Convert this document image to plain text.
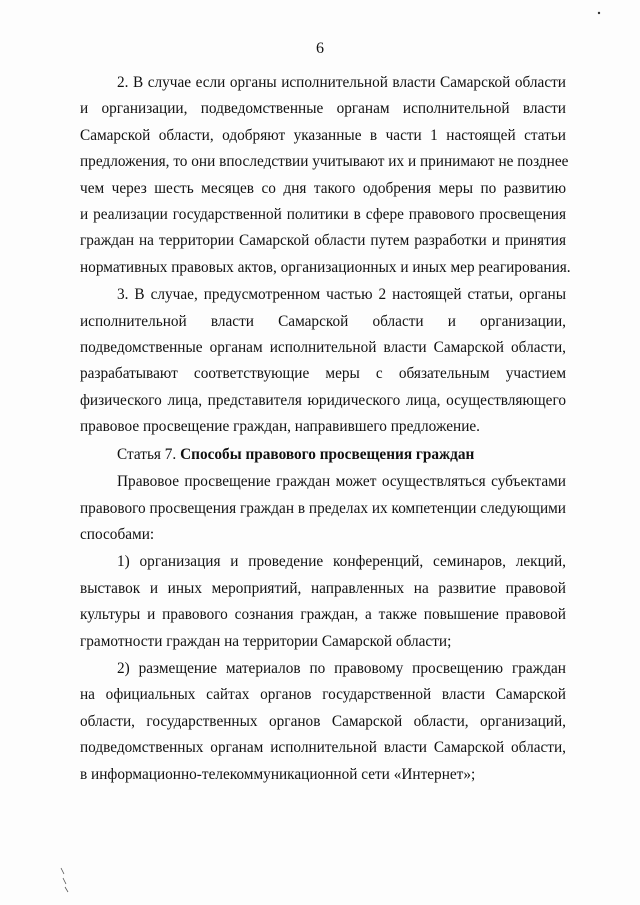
6
2. В случае если органы исполнительной власти Самарской области
и организации, подведомственные органам исполнительной власти
Самарской области, одобряют указанные в части 1 настоящей статьи
предложения, то они впоследствии учитывают их и принимают не позднее
чем через шесть месяцев со дня такого одобрения меры по развитию
и реализации государственной политики в сфере правового просвещения
граждан на территории Самарской области путем разработки и принятия
нормативных правовых актов, организационных и иных мер реагирования.
3. В случае, предусмотренном частью 2 настоящей статьи, органы
исполнительной власти Самарской области и организации,
подведомственные органам исполнительной власти Самарской области,
разрабатывают соответствующие меры с обязательным участием
физического лица, представителя юридического лица, осуществляющего
правовое просвещение граждан, направившего предложение.
Статья 7. Способы правового просвещения граждан
Правовое просвещение граждан может осуществляться субъектами
правового просвещения граждан в пределах их компетенции следующими
способами:
1) организация и проведение конференций, семинаров, лекций,
выставок и иных мероприятий, направленных на развитие правовой
культуры и правового сознания граждан, а также повышение правовой
грамотности граждан на территории Самарской области;
2) размещение материалов по правовому просвещению граждан
на официальных сайтах органов государственной власти Самарской
области, государственных органов Самарской области, организаций,
подведомственных органам исполнительной власти Самарской области,
в информационно-телекоммуникационной сети «Интернет»;
